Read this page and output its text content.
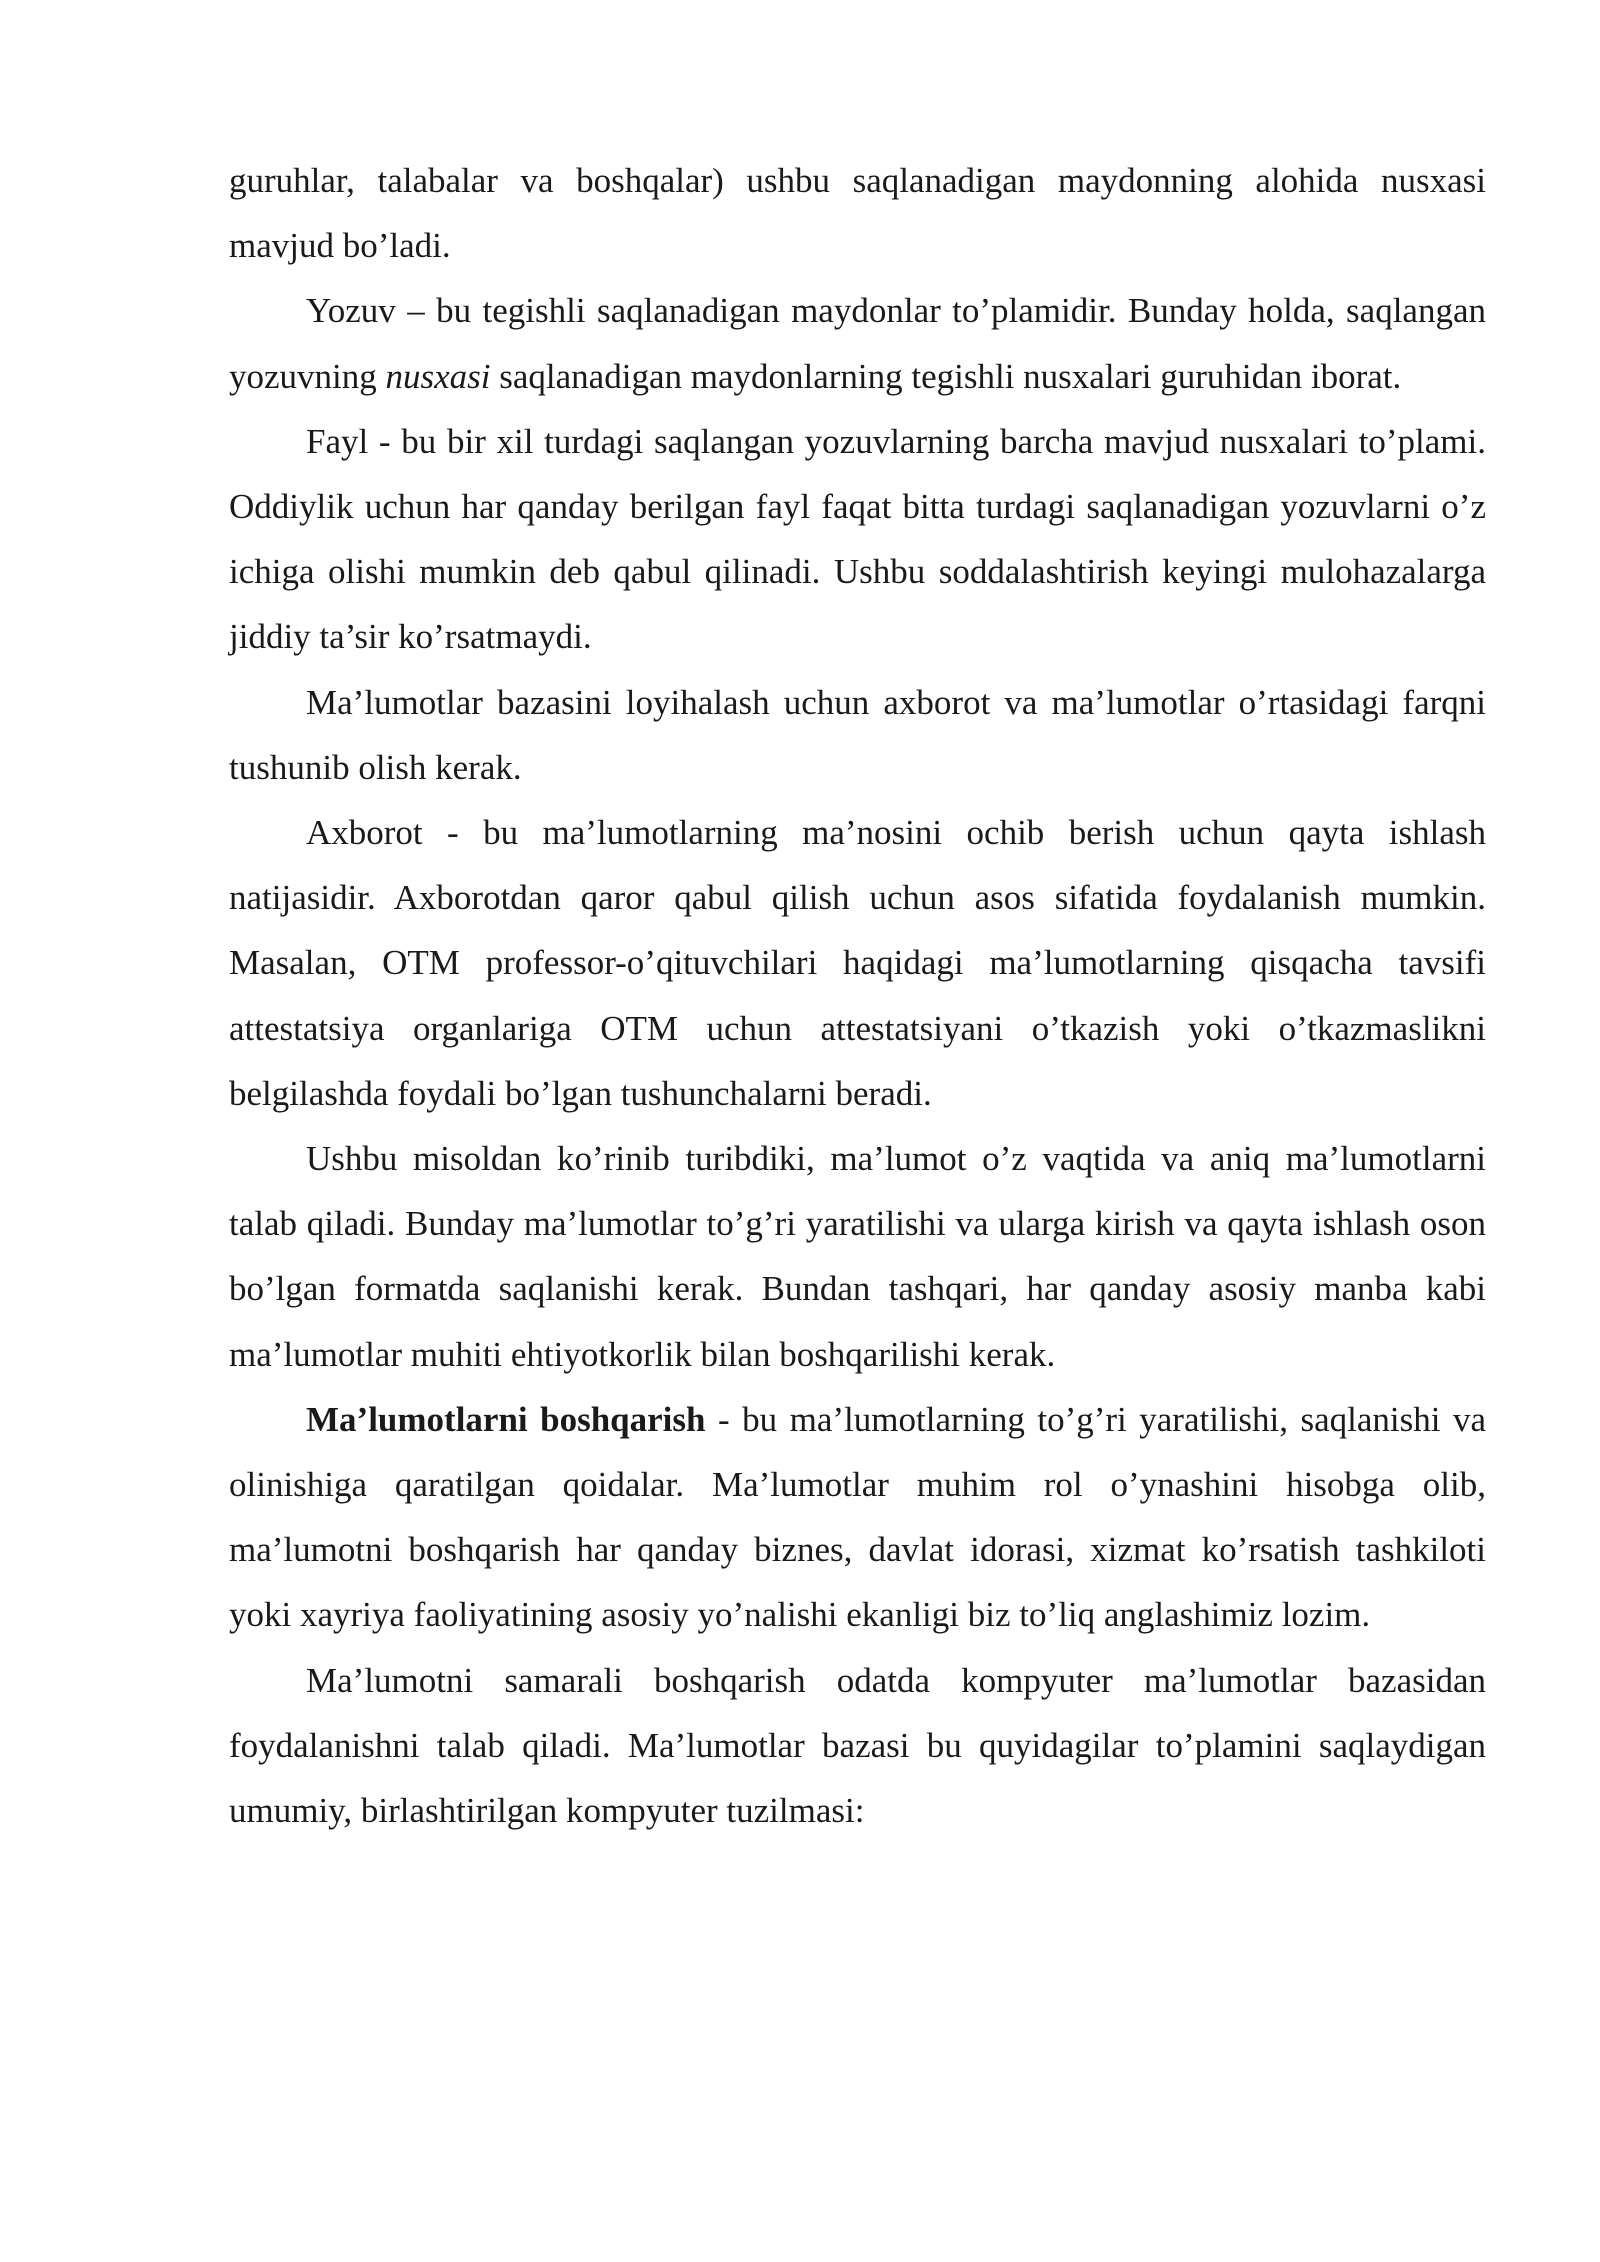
guruhlar, talabalar va boshqalar) ushbu saqlanadigan maydonning alohida nusxasi mavjud bo’ladi.

Yozuv – bu tegishli saqlanadigan maydonlar to’plamidir. Bunday holda, saqlangan yozuvning nusxasi saqlanadigan maydonlarning tegishli nusxalari guruhidan iborat.

Fayl - bu bir xil turdagi saqlangan yozuvlarning barcha mavjud nusxalari to’plami. Oddiylik uchun har qanday berilgan fayl faqat bitta turdagi saqlanadigan yozuvlarni o’z ichiga olishi mumkin deb qabul qilinadi. Ushbu soddalashtirish keyingi mulohazalarga jiddiy ta’sir ko’rsatmaydi.

Ma’lumotlar bazasini loyihalash uchun axborot va ma’lumotlar o’rtasidagi farqni tushunib olish kerak.

Axborot - bu ma’lumotlarning ma’nosini ochib berish uchun qayta ishlash natijasidir. Axborotdan qaror qabul qilish uchun asos sifatida foydalanish mumkin. Masalan, OTM professor-o’qituvchilari haqidagi ma’lumotlarning qisqacha tavsifi attestatsiya organlariga OTM uchun attestatsiyani o’tkazish yoki o’tkazmaslikni belgilashda foydali bo’lgan tushunchalarni beradi.

Ushbu misoldan ko’rinib turibdiki, ma’lumot o’z vaqtida va aniq ma’lumotlarni talab qiladi. Bunday ma’lumotlar to’g’ri yaratilishi va ularga kirish va qayta ishlash oson bo’lgan formatda saqlanishi kerak. Bundan tashqari, har qanday asosiy manba kabi ma’lumotlar muhiti ehtiyotkorlik bilan boshqarilishi kerak.

Ma’lumotlarni boshqarish - bu ma’lumotlarning to’g’ri yaratilishi, saqlanishi va olinishiga qaratilgan qoidalar. Ma’lumotlar muhim rol o’ynashini hisobga olib, ma’lumotni boshqarish har qanday biznes, davlat idorasi, xizmat ko’rsatish tashkiloti yoki xayriya faoliyatining asosiy yo’nalishi ekanligi biz to’liq anglashimiz lozim.

Ma’lumotni samarali boshqarish odatda kompyuter ma’lumotlar bazasidan foydalanishni talab qiladi. Ma’lumotlar bazasi bu quyidagilar to’plamini saqlaydigan umumiy, birlashtirilgan kompyuter tuzilmasi:
